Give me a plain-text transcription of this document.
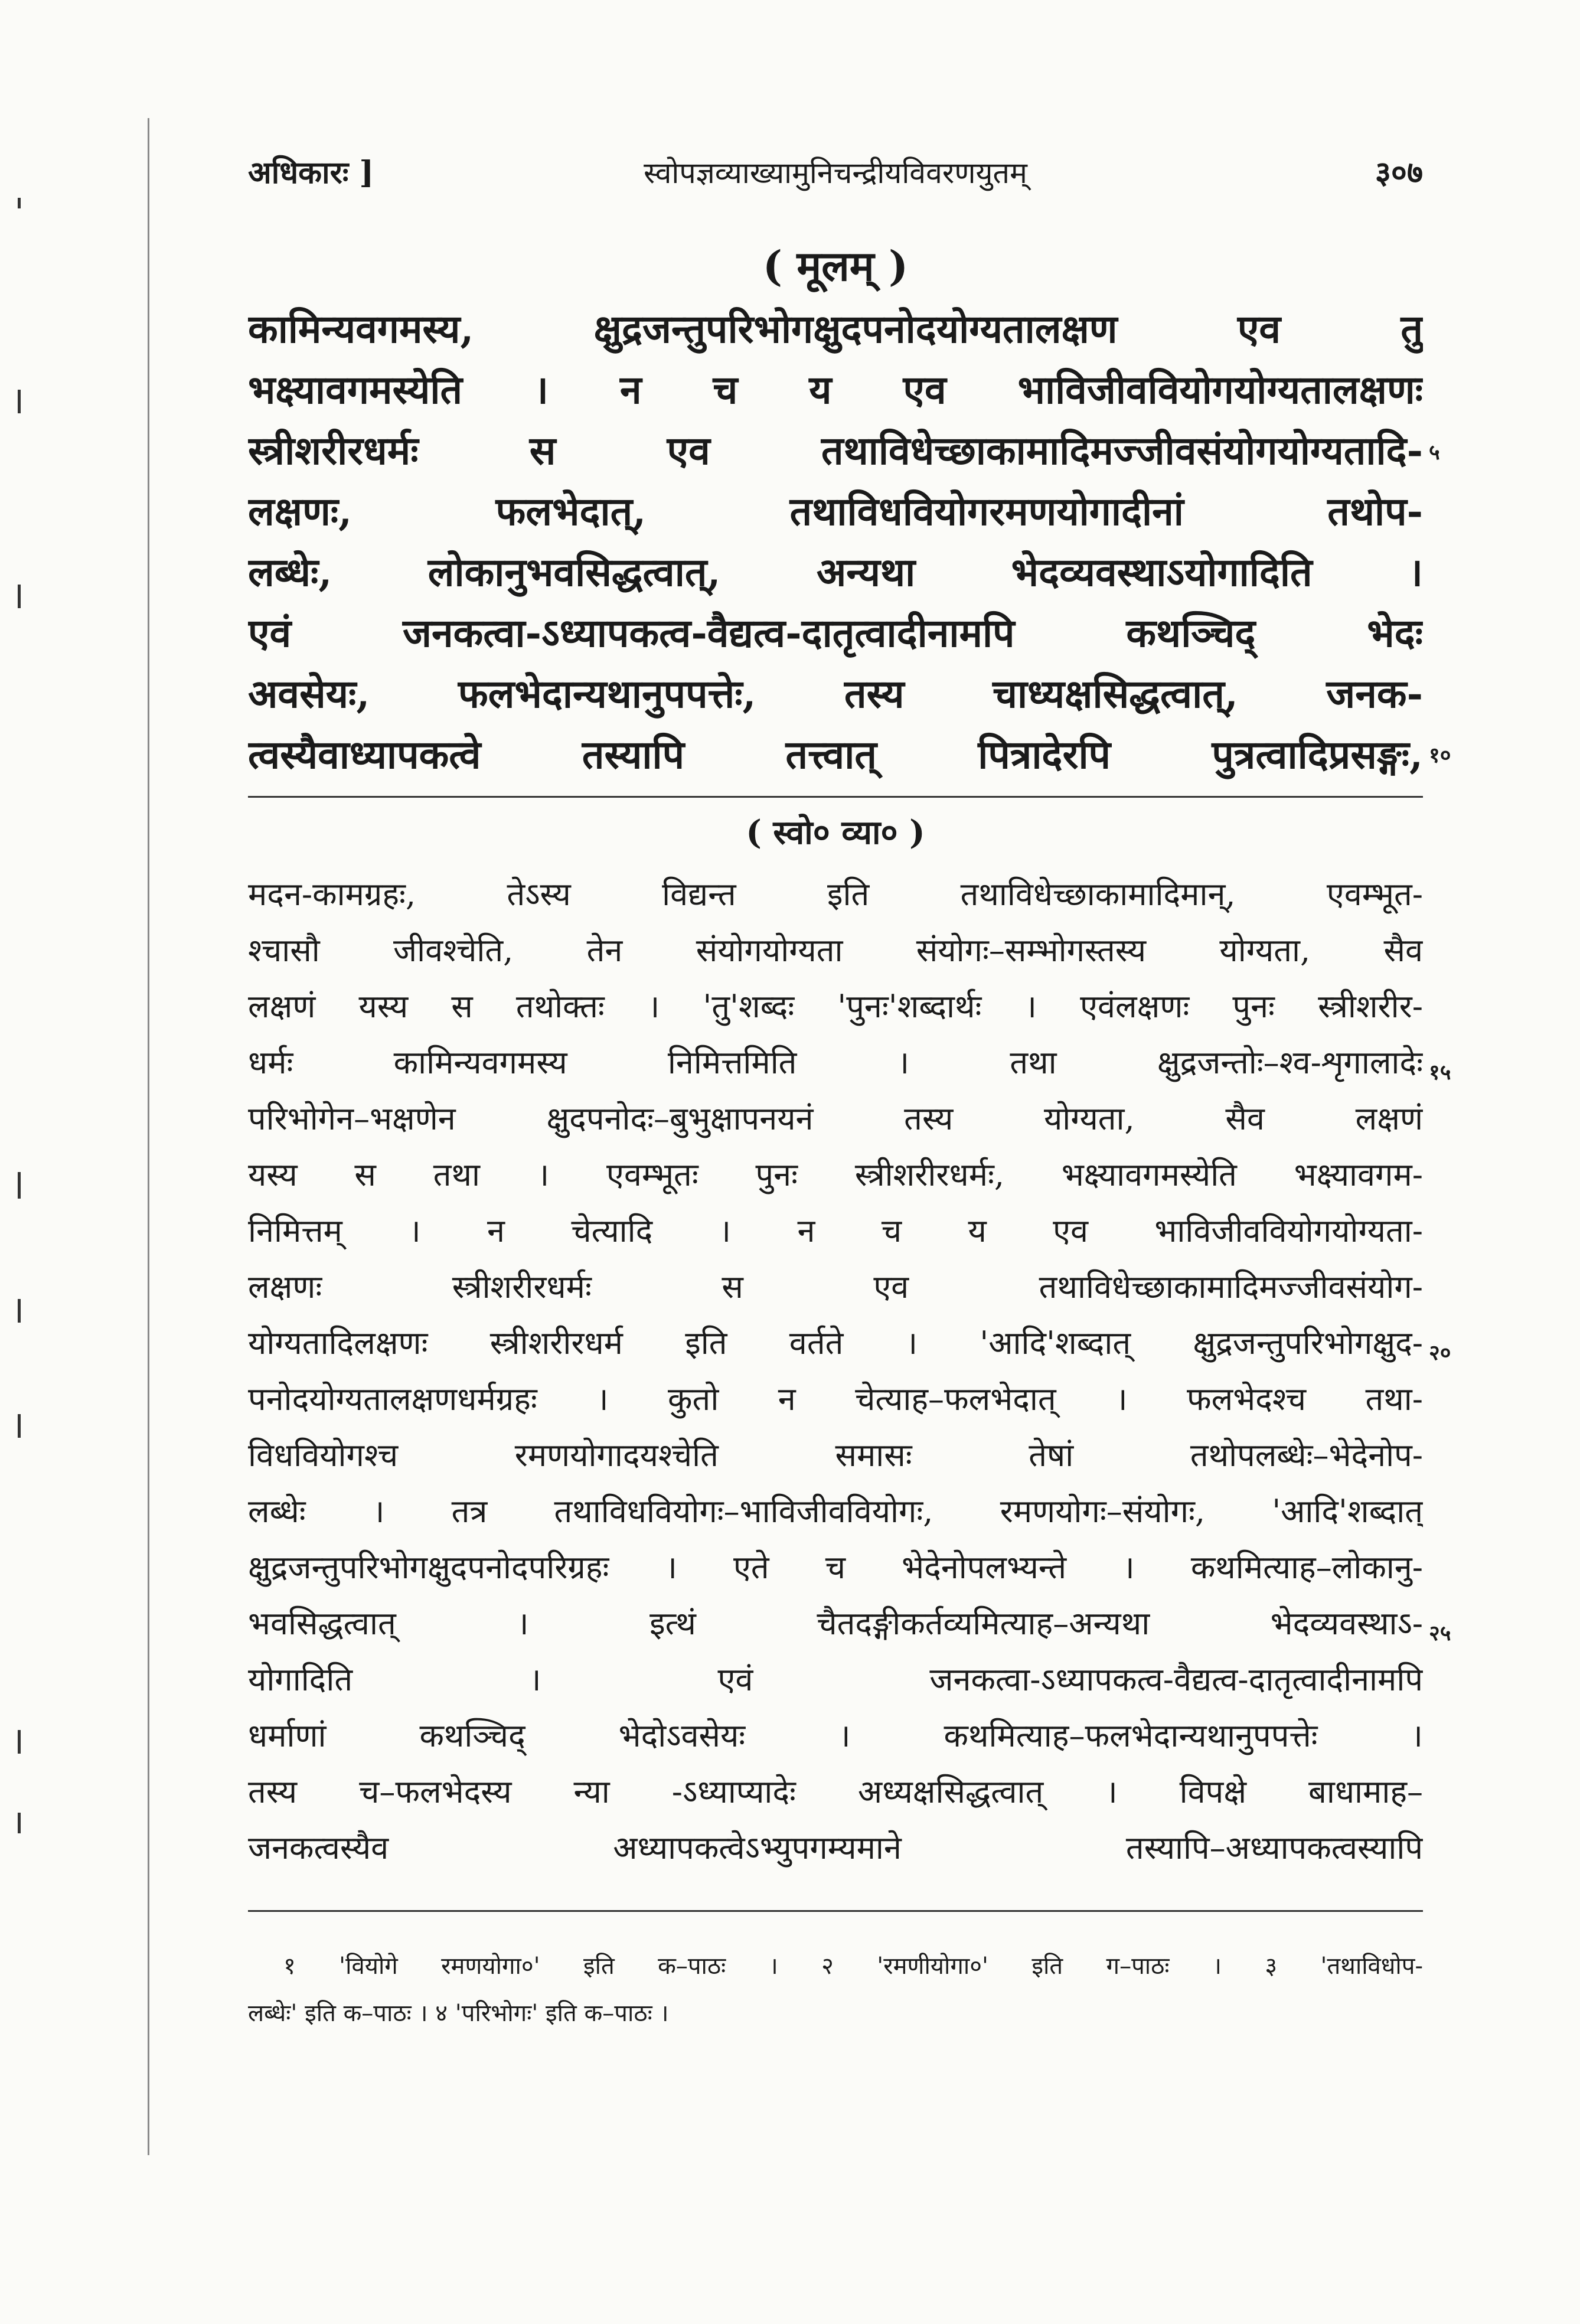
अधिकारः ]	स्वोपज्ञव्याख्यामुनिचन्द्रीयविवरणयुतम्	३०७
( मूलम् )
कामिन्यवगमस्य, क्षुद्रजन्तुपरिभोगक्षुदपनोदयोग्यतालक्षण एव तु
भक्ष्यावगमस्येति । न च य एव भाविजीववियोगयोग्यतालक्षणः
स्त्रीशरीरधर्मः स एव तथाविधेच्छाकामादिमज्जीवसंयोगयोग्यतादि-
लक्षणः, फलभेदात्, तथाविधवियोगरमणयोगादीनां तथोप-
लब्धेः, लोकानुभवसिद्धत्वात्, अन्यथा भेदव्यवस्थाऽयोगादिति ।
एवं जनकत्वा-ऽध्यापकत्व-वैद्यत्व-दातृत्वादीनामपि कथञ्चिद् भेदः
अवसेयः, फलभेदान्यथानुपपत्तेः, तस्य चाध्यक्षसिद्धत्वात्, जनक-
त्वस्यैवाध्यापकत्वे तस्यापि तत्त्वात् पित्रादेरपि पुत्रत्वादिप्रसङ्गः,
( स्वो० व्या० )
मदन-कामग्रहः, तेऽस्य विद्यन्त इति तथाविधेच्छाकामादिमान्, एवम्भूत-
श्चासौ जीवश्चेति, तेन संयोगयोग्यता संयोगः–सम्भोगस्तस्य योग्यता, सैव
लक्षणं यस्य स तथोक्तः । 'तु'शब्दः 'पुनः'शब्दार्थः । एवंलक्षणः पुनः स्त्रीशरीर-
धर्मः कामिन्यवगमस्य निमित्तमिति । तथा क्षुद्रजन्तोः–श्व-शृगालादेः
परिभोगेन–भक्षणेन क्षुदपनोदः–बुभुक्षापनयनं तस्य योग्यता, सैव लक्षणं
यस्य स तथा । एवम्भूतः पुनः स्त्रीशरीरधर्मः, भक्ष्यावगमस्येति भक्ष्यावगम-
निमित्तम् । न चेत्यादि । न च य एव भाविजीववियोगयोग्यता-
लक्षणः स्त्रीशरीरधर्मः स एव तथाविधेच्छाकामादिमज्जीवसंयोग-
योग्यतादिलक्षणः स्त्रीशरीरधर्म इति वर्तते । 'आदि'शब्दात् क्षुद्रजन्तुपरिभोगक्षुद-
पनोदयोग्यतालक्षणधर्मग्रहः । कुतो न चेत्याह–फलभेदात् । फलभेदश्च तथा-
विधवियोगश्च रमणयोगादयश्चेति समासः तेषां तथोपलब्धेः–भेदेनोप-
लब्धेः । तत्र तथाविधवियोगः–भाविजीववियोगः, रमणयोगः–संयोगः, 'आदि'शब्दात्
क्षुद्रजन्तुपरिभोगक्षुदपनोदपरिग्रहः । एते च भेदेनोपलभ्यन्ते । कथमित्याह–लोकानु-
भवसिद्धत्वात् । इत्थं चैतदङ्गीकर्तव्यमित्याह–अन्यथा भेदव्यवस्थाऽ-
योगादिति । एवं जनकत्वा-ऽध्यापकत्व-वैद्यत्व-दातृत्वादीनामपि
धर्माणां कथञ्चिद् भेदोऽवसेयः । कथमित्याह–फलभेदान्यथानुपपत्तेः ।
तस्य च–फलभेदस्य न्या -ऽध्याप्यादेः अध्यक्षसिद्धत्वात् । विपक्षे बाधामाह–
जनकत्वस्यैव अध्यापकत्वेऽभ्युपगम्यमाने तस्यापि–अध्यापकत्वस्यापि
१ 'वियोगे रमणयोगा०' इति क–पाठः । २ 'रमणीयोगा०' इति ग–पाठः । ३ 'तथाविधोप-
लब्धेः' इति क–पाठः । ४ 'परिभोगः' इति क–पाठः ।
५
१०
१५
२०
२५
